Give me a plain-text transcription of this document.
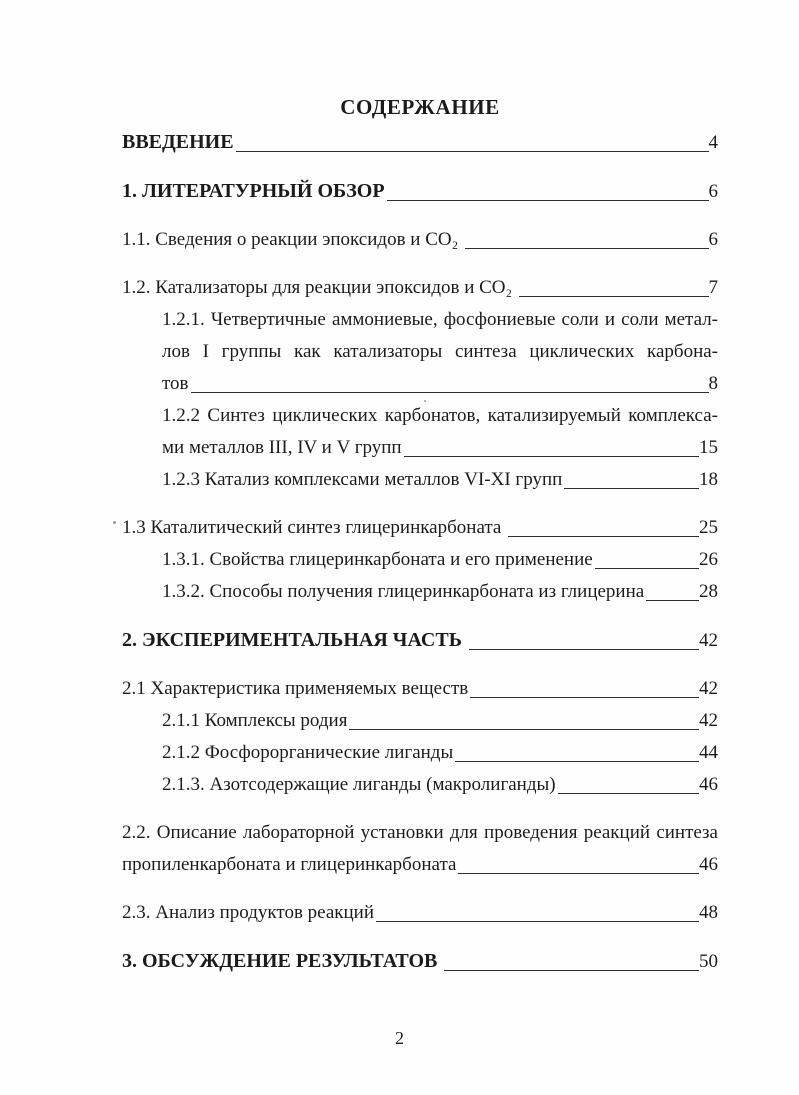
СОДЕРЖАНИЕ
ВВЕДЕНИЕ	4
1. ЛИТЕРАТУРНЫЙ ОБЗОР	6
1.1. Сведения о реакции эпоксидов и CO₂	6
1.2. Катализаторы для реакции эпоксидов и CO₂	7
1.2.1. Четвертичные аммониевые, фосфониевые соли и соли метал-
лов I группы как катализаторы синтеза циклических карбона-
тов	8
1.2.2 Синтез циклических карбонатов, катализируемый комплекса-
ми металлов III, IV и V групп	15
1.2.3 Катализ комплексами металлов VI-XI групп	18
1.3 Каталитический синтез глицеринкарбоната	25
1.3.1. Свойства глицеринкарбоната и его применение	26
1.3.2. Способы получения глицеринкарбоната из глицерина	28
2. ЭКСПЕРИМЕНТАЛЬНАЯ ЧАСТЬ	42
2.1 Характеристика применяемых веществ	42
2.1.1 Комплексы родия	42
2.1.2 Фосфорорганические лиганды	44
2.1.3. Азотсодержащие лиганды (макролиганды)	46
2.2. Описание лабораторной установки для проведения реакций синтеза
пропиленкарбоната и глицеринкарбоната	46
2.3. Анализ продуктов реакций	48
3. ОБСУЖДЕНИЕ РЕЗУЛЬТАТОВ	50
2
